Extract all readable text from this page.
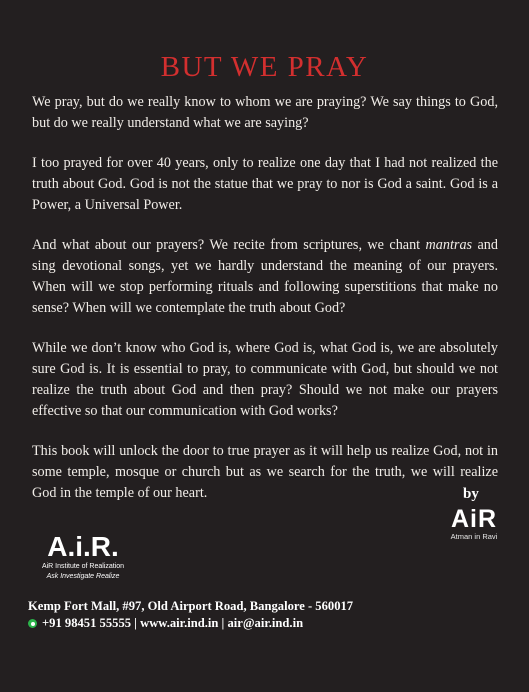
BUT WE PRAY

We pray, but do we really know to whom we are praying? We say things to God, but do we really understand what we are saying?

I too prayed for over 40 years, only to realize one day that I had not realized the truth about God. God is not the statue that we pray to nor is God a saint. God is a Power, a Universal Power.

And what about our prayers? We recite from scriptures, we chant mantras and sing devotional songs, yet we hardly understand the meaning of our prayers. When will we stop performing rituals and following superstitions that make no sense? When will we contemplate the truth about God?

While we don’t know who God is, where God is, what God is, we are absolutely sure God is. It is essential to pray, to communicate with God, but should we not realize the truth about God and then pray? Should we not make our prayers effective so that our communication with God works?

This book will unlock the door to true prayer as it will help us realize God, not in some temple, mosque or church but as we search for the truth, we will realize God in the temple of our heart.	by
AiR
Atman in Ravi
A.i.R.
AiR Institute of Realization
Ask Investigate Realize
Kemp Fort Mall, #97, Old Airport Road, Bangalore - 560017
+91 98451 55555 | www.air.ind.in | air@air.ind.in
